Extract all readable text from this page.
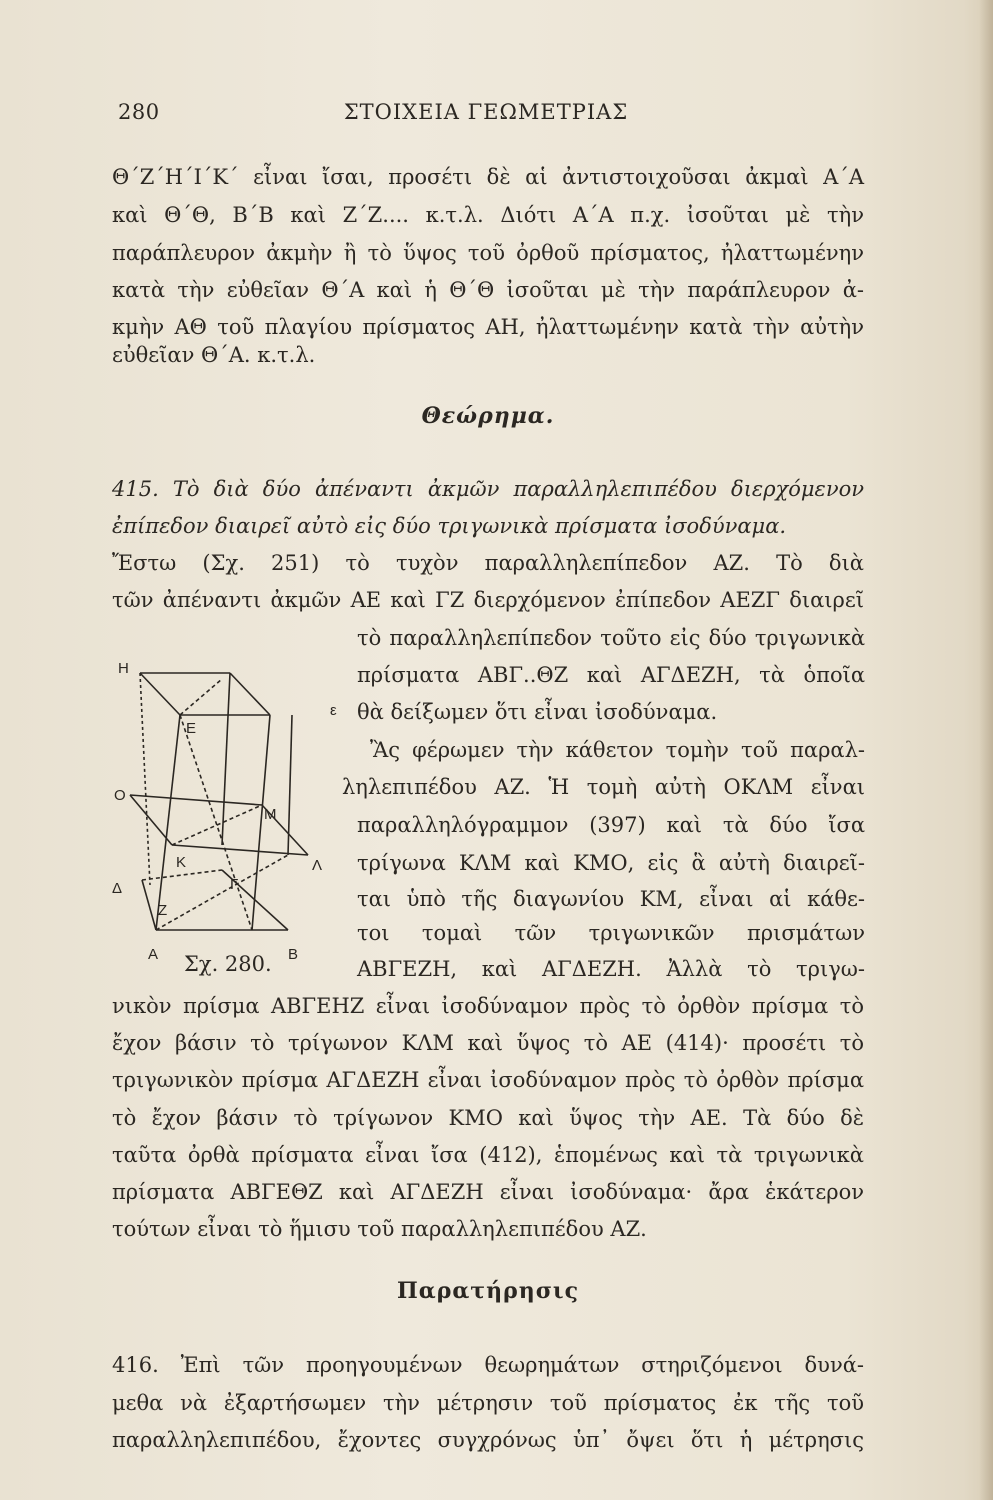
280	ΣΤΟΙΧΕΙΑ ΓΕΩΜΕΤΡΙΑΣ
Θ΄Ζ΄Η΄Ι΄Κ΄ εἶναι ἴσαι, προσέτι δὲ αἱ ἀντιστοιχοῦσαι ἀκμαὶ Α΄Α
καὶ Θ΄Θ, Β΄Β καὶ Ζ΄Ζ.... κ.τ.λ. Διότι Α΄Α π.χ. ἰσοῦται μὲ τὴν
παράπλευρον ἀκμὴν ἢ τὸ ὕψος τοῦ ὀρθοῦ πρίσματος, ἠλαττωμένην
κατὰ τὴν εὐθεῖαν Θ΄Α καὶ ἡ Θ΄Θ ἰσοῦται μὲ τὴν παράπλευρον ἀ-
κμὴν ΑΘ τοῦ πλαγίου πρίσματος ΑΗ, ἠλαττωμένην κατὰ τὴν αὐτὴν
εὐθεῖαν Θ΄Α. κ.τ.λ.
Θεώρημα.
415. Τὸ διὰ δύο ἀπέναντι ἀκμῶν παραλληλεπιπέδου διερχόμενον
ἐπίπεδον διαιρεῖ αὐτὸ εἰς δύο τριγωνικὰ πρίσματα ἰσοδύναμα.
Ἔστω (Σχ. 251) τὸ τυχὸν παραλληλεπίπεδον ΑΖ. Τὸ διὰ
τῶν ἀπέναντι ἀκμῶν ΑΕ καὶ ΓΖ διερχόμενον ἐπίπεδον ΑΕΖΓ διαιρεῖ
τὸ παραλληλεπίπεδον τοῦτο εἰς δύο τριγωνικὰ
πρίσματα ΑΒΓ..ΘΖ καὶ ΑΓΔΕΖΗ, τὰ ὁποῖα
θὰ δείξωμεν ὅτι εἶναι ἰσοδύναμα.
Ἂς φέρωμεν τὴν κάθετον τομὴν τοῦ παραλ-
ληλεπιπέδου ΑΖ. Ἡ τομὴ αὐτὴ ΟΚΛΜ εἶναι
παραλληλόγραμμον (397) καὶ τὰ δύο ἴσα
τρίγωνα ΚΛΜ καὶ ΚΜΟ, εἰς ἃ αὐτὴ διαιρεῖ-
ται ὑπὸ τῆς διαγωνίου ΚΜ, εἶναι αἱ κάθε-
τοι τομαὶ τῶν τριγωνικῶν πρισμάτων
ΑΒΓΕΖΗ, καὶ ΑΓΔΕΖΗ. Ἀλλὰ τὸ τριγω-
Η
Ε
ε
Ο
Μ
Κ	Λ
Δ	Γ
Ζ
Α	Β
Σχ. 280.
νικὸν πρίσμα ΑΒΓΕΗΖ εἶναι ἰσοδύναμον πρὸς τὸ ὀρθὸν πρίσμα τὸ
ἔχον βάσιν τὸ τρίγωνον ΚΛΜ καὶ ὕψος τὸ ΑΕ (414)· προσέτι τὸ
τριγωνικὸν πρίσμα ΑΓΔΕΖΗ εἶναι ἰσοδύναμον πρὸς τὸ ὀρθὸν πρίσμα
τὸ ἔχον βάσιν τὸ τρίγωνον ΚΜΟ καὶ ὕψος τὴν ΑΕ. Τὰ δύο δὲ
ταῦτα ὀρθὰ πρίσματα εἶναι ἴσα (412), ἑπομένως καὶ τὰ τριγωνικὰ
πρίσματα ΑΒΓΕΘΖ καὶ ΑΓΔΕΖΗ εἶναι ἰσοδύναμα· ἄρα ἑκάτερον
τούτων εἶναι τὸ ἥμισυ τοῦ παραλληλεπιπέδου ΑΖ.
Παρατήρησις
416. Ἐπὶ τῶν προηγουμένων θεωρημάτων στηριζόμενοι δυνά-
μεθα νὰ ἐξαρτήσωμεν τὴν μέτρησιν τοῦ πρίσματος ἐκ τῆς τοῦ
παραλληλεπιπέδου, ἔχοντες συγχρόνως ὑπ᾽ ὄψει ὅτι ἡ μέτρησις
